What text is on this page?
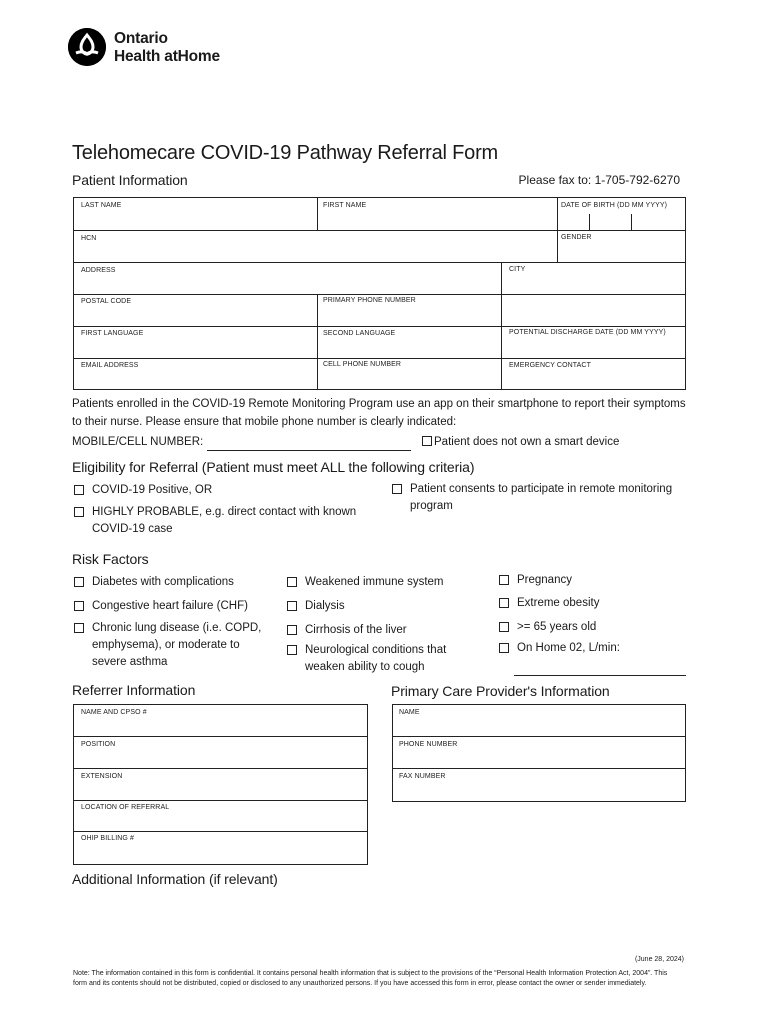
Ontario
Health atHome
Telehomecare COVID-19 Pathway Referral Form
Patient Information	Please fax to: 1-705-792-6270
LAST NAME	FIRST NAME	DATE OF BIRTH (DD MM YYYY)
HCN	GENDER
ADDRESS	CITY
POSTAL CODE	PRIMARY PHONE NUMBER
FIRST LANGUAGE	SECOND LANGUAGE	POTENTIAL DISCHARGE DATE (DD MM YYYY)
EMAIL ADDRESS	CELL PHONE NUMBER	EMERGENCY CONTACT
Patients enrolled in the COVID-19 Remote Monitoring Program use an app on their smartphone to report their symptoms to their nurse. Please ensure that mobile phone number is clearly indicated:
MOBILE/CELL NUMBER:	Patient does not own a smart device
Eligibility for Referral (Patient must meet ALL the following criteria)
COVID-19 Positive, OR
HIGHLY PROBABLE, e.g. direct contact with known COVID-19 case
Patient consents to participate in remote monitoring program
Risk Factors
Diabetes with complications
Congestive heart failure (CHF)
Chronic lung disease (i.e. COPD, emphysema), or moderate to severe asthma
Weakened immune system
Dialysis
Cirrhosis of the liver
Neurological conditions that weaken ability to cough
Pregnancy
Extreme obesity
>= 65 years old
On Home 02, L/min:
Referrer Information
NAME AND CPSO #
POSITION
EXTENSION
LOCATION OF REFERRAL
OHIP BILLING #
Primary Care Provider's Information
NAME
PHONE NUMBER
FAX NUMBER
Additional Information (if relevant)
(June 28, 2024)
Note: The information contained in this form is confidential. It contains personal health information that is subject to the provisions of the “Personal Health Information Protection Act, 2004”. This form and its contents should not be distributed, copied or disclosed to any unauthorized persons. If you have accessed this form in error, please contact the owner or sender immediately.
